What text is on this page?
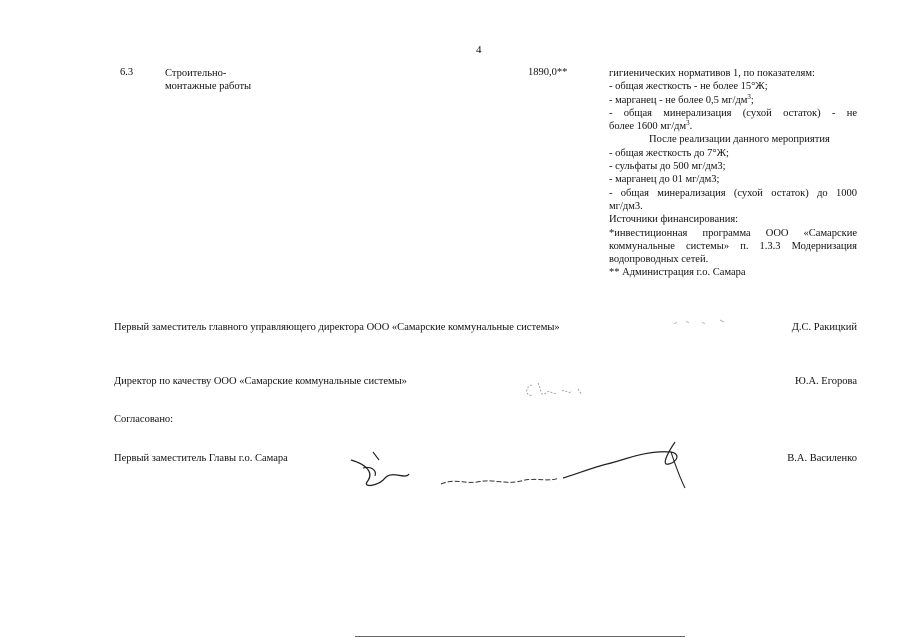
4
6.3	Строительно-
монтажные работы
1890,0**	гигиенических нормативов 1, по показателям:
- общая жесткость - не более 15°Ж;
- марганец - не более 0,5 $мг/дм^3$;
- общая минерализация (сухой остаток) - не
более 1600 $мг/дм^3$.
После реализации данного мероприятия
- общая жесткость до 7°Ж;
- сульфаты до 500 мг/дм3;
- марганец до 01 мг/дм3;
- общая минерализация (сухой остаток) до 1000
мг/дм3.
Источники финансирования:
*инвестиционная программа ООО «Самарские
коммунальные системы» п. 1.3.3 Модернизация
водопроводных сетей.
** Администрация г.о. Самара
Первый заместитель главного управляющего директора ООО «Самарские коммунальные системы»	Д.С. Ракицкий
Директор по качеству ООО «Самарские коммунальные системы»	Ю.А. Егорова
Согласовано:
Первый заместитель Главы г.о. Самара	В.А. Василенко
